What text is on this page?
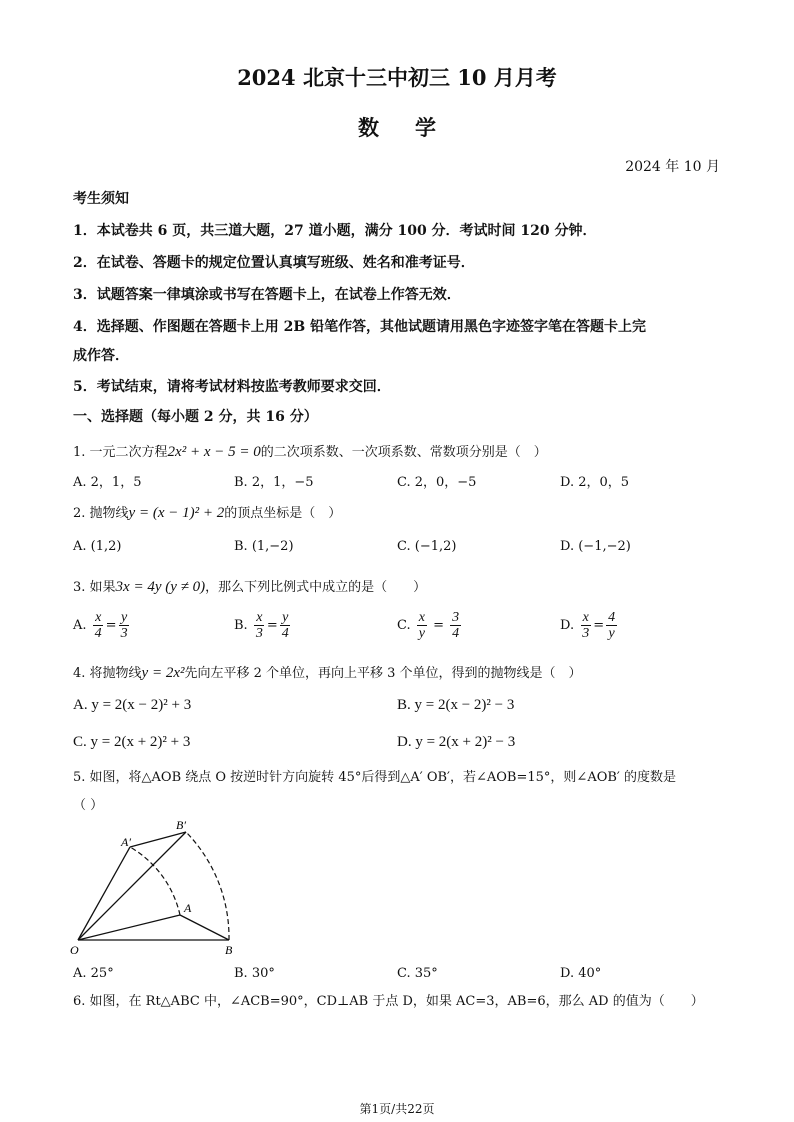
2024 北京十三中初三 10 月月考
数学
2024 年 10 月
考生须知
1．本试卷共 6 页，共三道大题，27 道小题，满分 100 分．考试时间 120 分钟．
2．在试卷、答题卡的规定位置认真填写班级、姓名和准考证号．
3．试题答案一律填涂或书写在答题卡上，在试卷上作答无效．
4．选择题、作图题在答题卡上用 2B 铅笔作答，其他试题请用黑色字迹签字笔在答题卡上完
成作答．
5．考试结束，请将考试材料按监考教师要求交回．
一、选择题（每小题 2 分，共 16 分）
1. 一元二次方程2x² + x − 5 = 0的二次项系数、一次项系数、常数项分别是（　）
A. 2，1，5	B. 2，1，−5	C. 2，0，−5	D. 2，0，5
2. 抛物线y = (x − 1)² + 2的顶点坐标是（　）
A. (1,2)	B. (1,−2)	C. (−1,2)	D. (−1,−2)
3. 如果3x = 4y (y ≠ 0)，那么下列比例式中成立的是（　　）
A. $\frac{x}{4} = \frac{y}{3}$	B. $\frac{x}{3} = \frac{y}{4}$	C. $\frac{x}{y} = \frac{3}{4}$	D. $\frac{x}{3} = \frac{4}{y}$
4. 将抛物线y = 2x²先向左平移 2 个单位，再向上平移 3 个单位，得到的抛物线是（　）
A. y = 2(x − 2)² + 3	B. y = 2(x − 2)² − 3
C. y = 2(x + 2)² + 3	D. y = 2(x + 2)² − 3
5. 如图，将△AOB 绕点 O 按逆时针方向旋转 45°后得到△A′ OB′，若∠AOB=15°，则∠AOB′ 的度数是
（ ）
O
A
B
A′
B′
A. 25°	B. 30°	C. 35°	D. 40°
6. 如图，在 Rt△ABC 中，∠ACB=90°，CD⊥AB 于点 D，如果 AC=3，AB=6，那么 AD 的值为（　　）
第1页/共22页
